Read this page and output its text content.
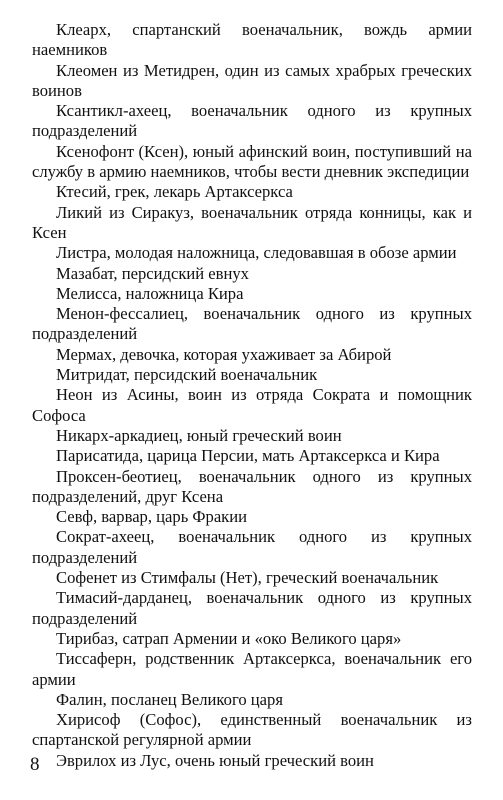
Клеарх, спартанский военачальник, вождь армии наемников

Клеомен из Метидрен, один из самых храбрых греческих воинов

Ксантикл-ахеец, военачальник одного из крупных подразделений

Ксенофонт (Ксен), юный афинский воин, поступивший на службу в армию наемников, чтобы вести дневник экспедиции

Ктесий, грек, лекарь Артаксеркса

Ликий из Сиракуз, военачальник отряда конницы, как и Ксен

Листра, молодая наложница, следовавшая в обозе армии

Мазабат, персидский евнух

Мелисса, наложница Кира

Менон-фессалиец, военачальник одного из крупных подразделений

Мермах, девочка, которая ухаживает за Абирой

Митридат, персидский военачальник

Неон из Асины, воин из отряда Сократа и помощник Софоса

Никарх-аркадиец, юный греческий воин

Парисатида, царица Персии, мать Артаксеркса и Кира

Проксен-беотиец, военачальник одного из крупных подразделений, друг Ксена

Севф, варвар, царь Фракии

Сократ-ахеец, военачальник одного из крупных подразделений

Софенет из Стимфалы (Нет), греческий военачальник

Тимасий-дарданец, военачальник одного из крупных подразделений

Тирибаз, сатрап Армении и «око Великого царя»

Тиссаферн, родственник Артаксеркса, военачальник его армии

Фалин, посланец Великого царя

Хирисоф (Софос), единственный военачальник из спартанской регулярной армии

Эврилох из Лус, очень юный греческий воин

8
